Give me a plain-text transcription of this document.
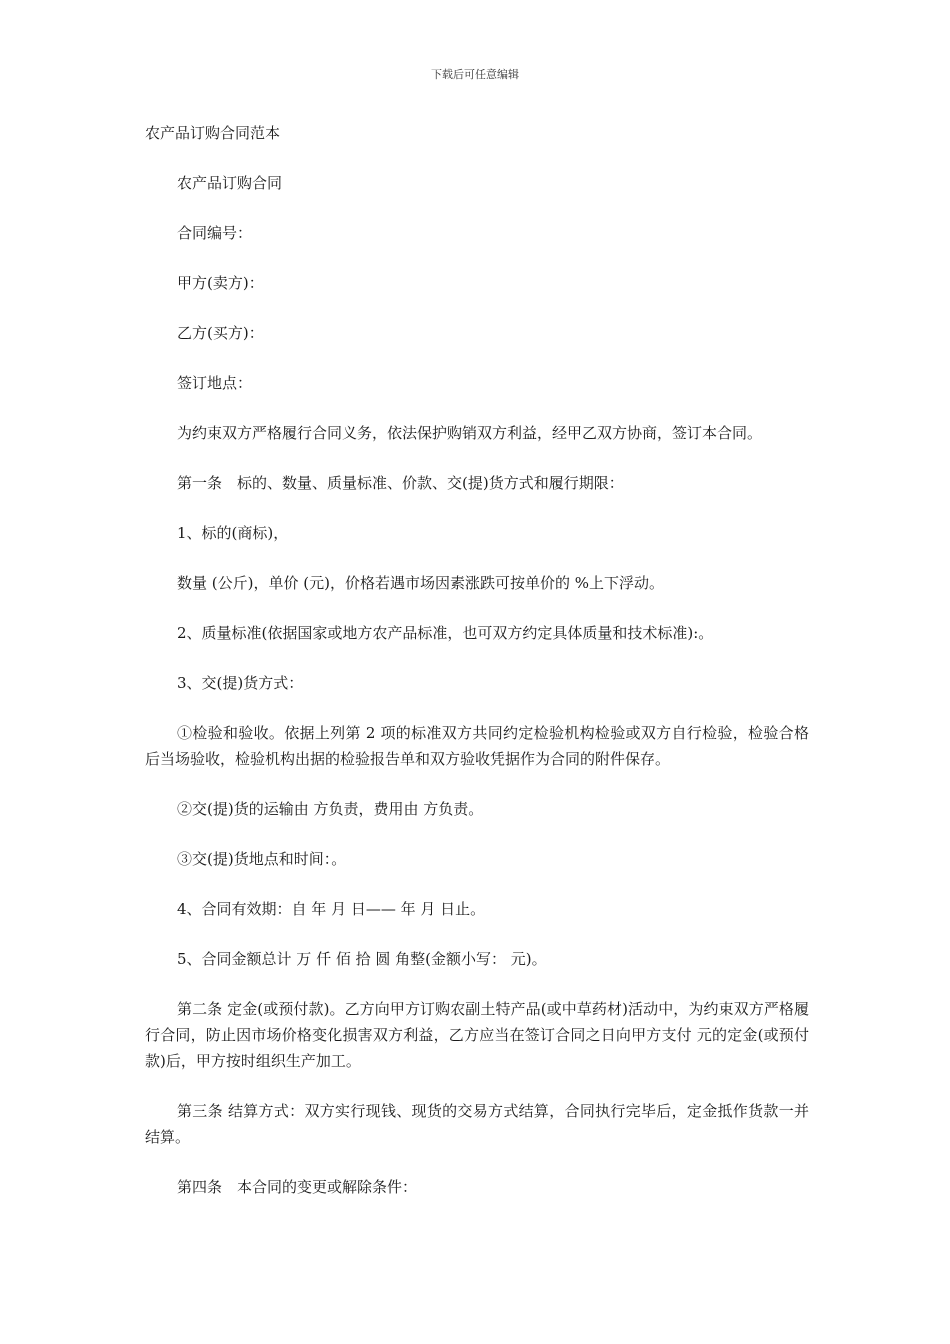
下载后可任意编辑
农产品订购合同范本

农产品订购合同

合同编号：

甲方(卖方)：

乙方(买方)：

签订地点：

为约束双方严格履行合同义务，依法保护购销双方利益，经甲乙双方协商，签订本合同。

第一条　标的、数量、质量标准、价款、交(提)货方式和履行期限：

1、标的(商标)，

数量 (公斤)，单价 (元)，价格若遇市场因素涨跌可按单价的 %上下浮动。

2、质量标准(依据国家或地方农产品标准，也可双方约定具体质量和技术标准):。

3、交(提)货方式：

①检验和验收。依据上列第 2 项的标准双方共同约定检验机构检验或双方自行检验，检验合格后当场验收，检验机构出据的检验报告单和双方验收凭据作为合同的附件保存。

②交(提)货的运输由 方负责，费用由 方负责。

③交(提)货地点和时间：。

4、合同有效期：自 年 月 日—— 年 月 日止。

5、合同金额总计 万 仟 佰 拾 圆 角整(金额小写： 元)。

第二条 定金(或预付款)。乙方向甲方订购农副土特产品(或中草药材)活动中，为约束双方严格履行合同，防止因市场价格变化损害双方利益，乙方应当在签订合同之日向甲方支付 元的定金(或预付款)后，甲方按时组织生产加工。

第三条 结算方式：双方实行现钱、现货的交易方式结算，合同执行完毕后，定金抵作货款一并结算。

第四条　本合同的变更或解除条件：
